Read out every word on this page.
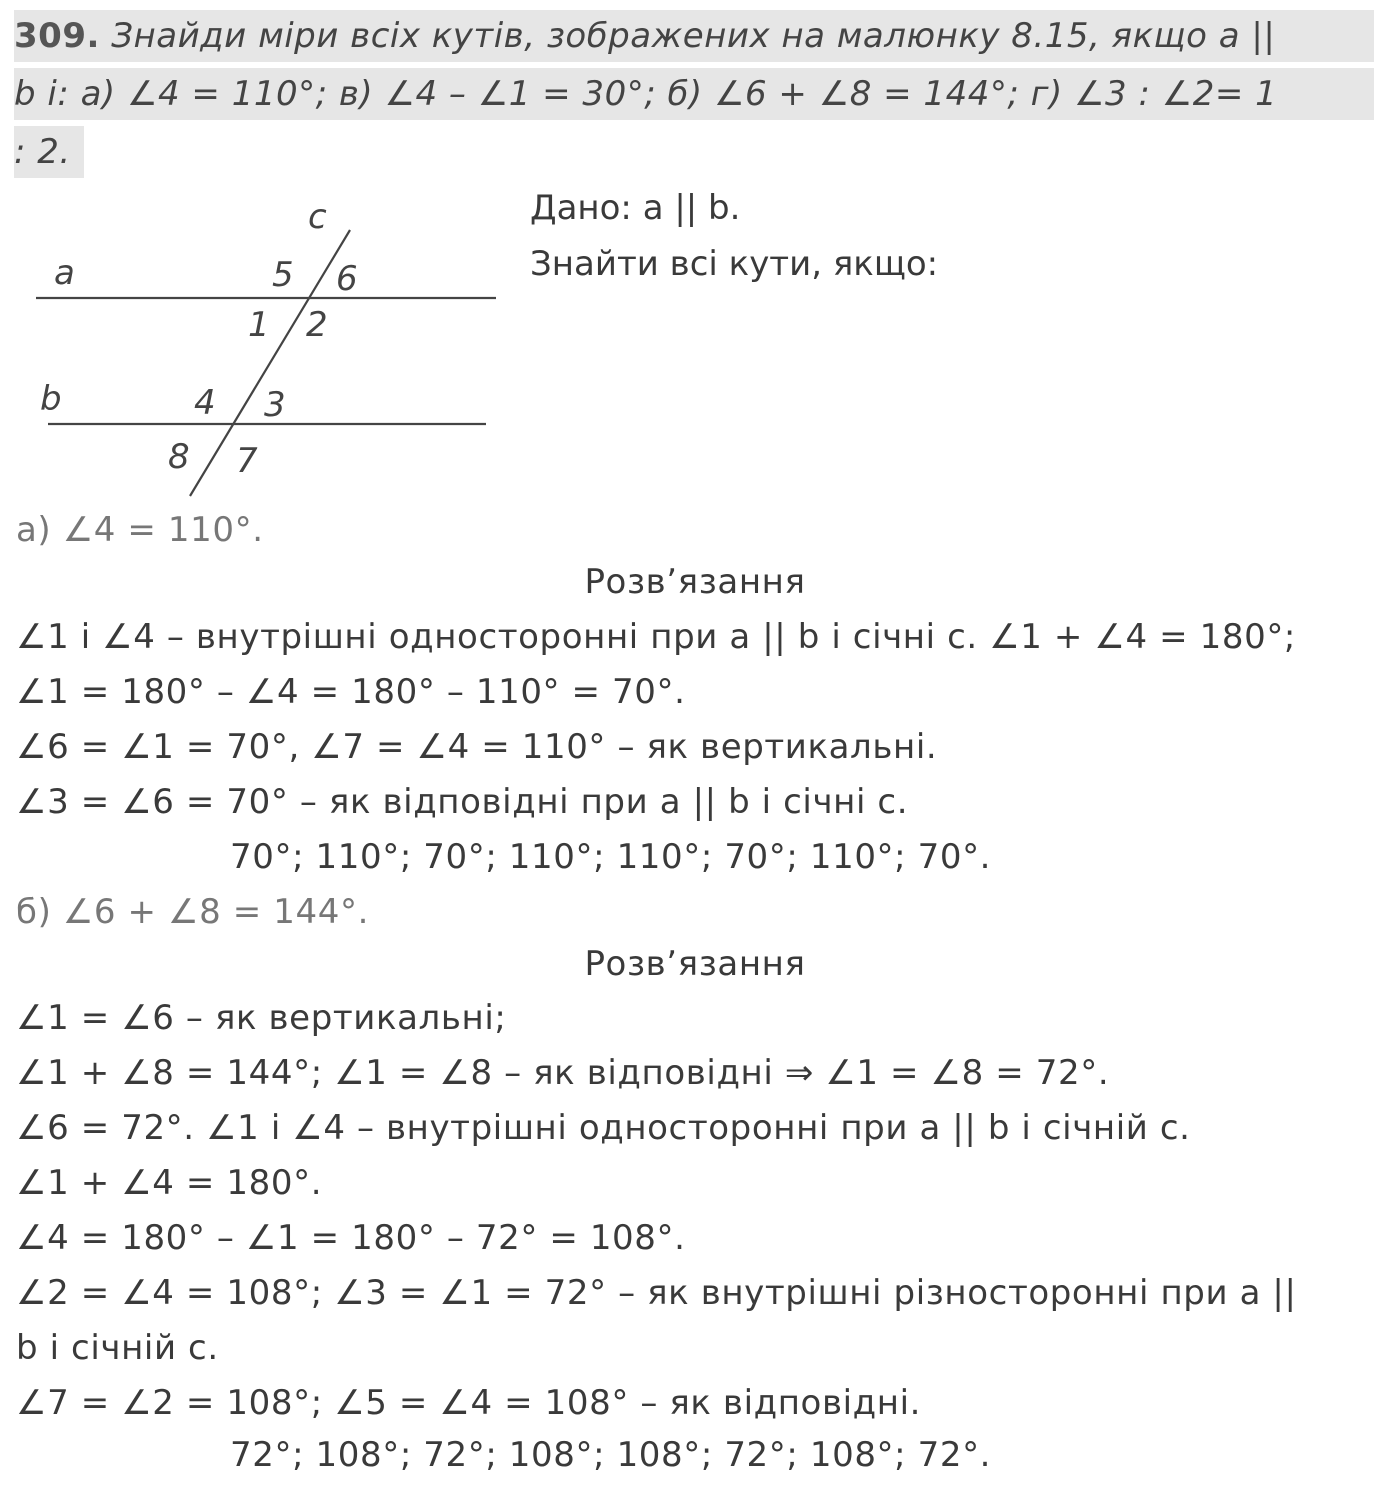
309. Знайди міри всіх кутів, зображених на малюнку 8.15, якщо a ||
b і: а) ∠4 = 110°; в) ∠4 – ∠1 = 30°; б) ∠6 + ∠8 = 144°; г) ∠3 : ∠2= 1
: 2.
c
a
b
5 6
1 2
4 3
8 7
Дано: a || b.
Знайти всі кути, якщо:
а) ∠4 = 110°.
Розв’язання
∠1 і ∠4 – внутрішні односторонні при a || b і січні c. ∠1 + ∠4 = 180°;
∠1 = 180° – ∠4 = 180° – 110° = 70°.
∠6 = ∠1 = 70°, ∠7 = ∠4 = 110° – як вертикальні.
∠3 = ∠6 = 70° – як відповідні при a || b і січні c.
70°; 110°; 70°; 110°; 110°; 70°; 110°; 70°.
б) ∠6 + ∠8 = 144°.
Розв’язання
∠1 = ∠6 – як вертикальні;
∠1 + ∠8 = 144°; ∠1 = ∠8 – як відповідні ⇒ ∠1 = ∠8 = 72°.
∠6 = 72°. ∠1 і ∠4 – внутрішні односторонні при a || b і січній c.
∠1 + ∠4 = 180°.
∠4 = 180° – ∠1 = 180° – 72° = 108°.
∠2 = ∠4 = 108°; ∠3 = ∠1 = 72° – як внутрішні різносторонні при a ||
b і січній c.
∠7 = ∠2 = 108°; ∠5 = ∠4 = 108° – як відповідні.
72°; 108°; 72°; 108°; 108°; 72°; 108°; 72°.
